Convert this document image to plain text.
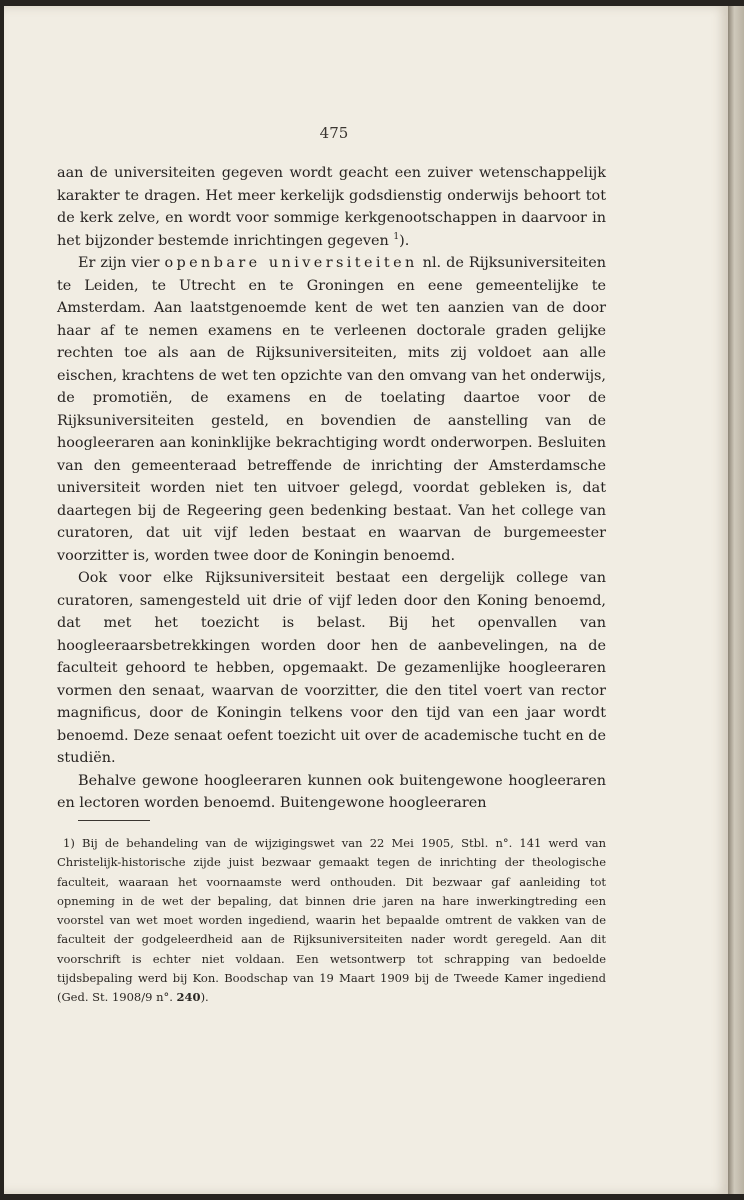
475

aan de universiteiten gegeven wordt geacht een zuiver wetenschappelijk karakter te dragen. Het meer kerkelijk godsdienstig onderwijs behoort tot de kerk zelve, en wordt voor sommige kerkgenootschappen in daarvoor in het bijzonder bestemde inrichtingen gegeven $^1$).

Er zijn vier openbare universiteiten nl. de Rijksuniversiteiten te Leiden, te Utrecht en te Groningen en eene gemeentelijke te Amsterdam. Aan laatstgenoemde kent de wet ten aanzien van de door haar af te nemen examens en te verleenen doctorale graden gelijke rechten toe als aan de Rijksuniversiteiten, mits zij voldoet aan alle eischen, krachtens de wet ten opzichte van den omvang van het onderwijs, de promotiën, de examens en de toelating daartoe voor de Rijksuniversiteiten gesteld, en bovendien de aanstelling van de hoogleeraren aan koninklijke bekrachtiging wordt onderworpen. Besluiten van den gemeenteraad betreffende de inrichting der Amsterdamsche universiteit worden niet ten uitvoer gelegd, voordat gebleken is, dat daartegen bij de Regeering geen bedenking bestaat. Van het college van curatoren, dat uit vijf leden bestaat en waarvan de burgemeester voorzitter is, worden twee door de Koningin benoemd.

Ook voor elke Rijksuniversiteit bestaat een dergelijk college van curatoren, samengesteld uit drie of vijf leden door den Koning benoemd, dat met het toezicht is belast. Bij het openvallen van hoogleeraarsbetrekkingen worden door hen de aanbevelingen, na de faculteit gehoord te hebben, opgemaakt. De gezamenlijke hoogleeraren vormen den senaat, waarvan de voorzitter, die den titel voert van rector magnificus, door de Koningin telkens voor den tijd van een jaar wordt benoemd. Deze senaat oefent toezicht uit over de academische tucht en de studiën.

Behalve gewone hoogleeraren kunnen ook buitengewone hoogleeraren en lectoren worden benoemd. Buitengewone hoogleeraren

1) Bij de behandeling van de wijzigingswet van 22 Mei 1905, Stbl. n°. 141 werd van Christelijk-historische zijde juist bezwaar gemaakt tegen de inrichting der theologische faculteit, waaraan het voornaamste werd onthouden. Dit bezwaar gaf aanleiding tot opneming in de wet der bepaling, dat binnen drie jaren na hare inwerkingtreding een voorstel van wet moet worden ingediend, waarin het bepaalde omtrent de vakken van de faculteit der godgeleerdheid aan de Rijksuniversiteiten nader wordt geregeld. Aan dit voorschrift is echter niet voldaan. Een wetsontwerp tot schrapping van bedoelde tijdsbepaling werd bij Kon. Boodschap van 19 Maart 1909 bij de Tweede Kamer ingediend (Ged. St. 1908/9 n°. 240).
